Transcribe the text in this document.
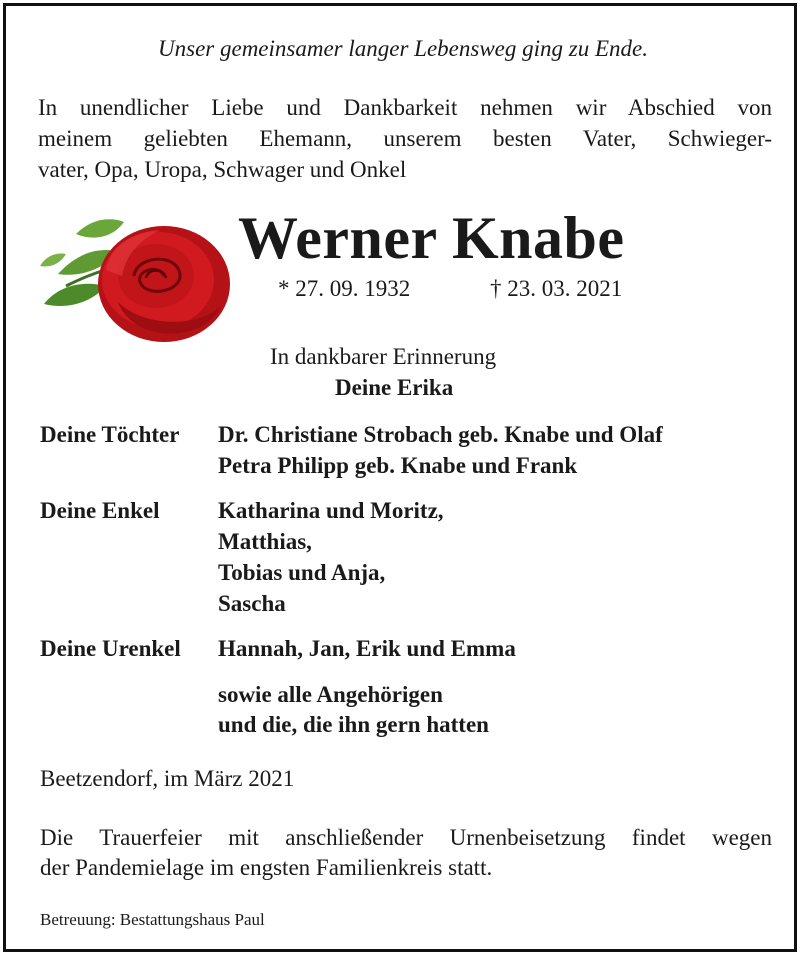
Unser gemeinsamer langer Lebensweg ging zu Ende.
In unendlicher Liebe und Dankbarkeit nehmen wir Abschied von
meinem geliebten Ehemann, unserem besten Vater, Schwieger-
vater, Opa, Uropa, Schwager und Onkel
Werner Knabe
* 27. 09. 1932	† 23. 03. 2021
In dankbarer Erinnerung
Deine Erika
Deine Töchter Dr. Christiane Strobach geb. Knabe und Olaf
Petra Philipp geb. Knabe und Frank
Deine Enkel	Katharina und Moritz,
Matthias,
Tobias und Anja,
Sascha
Deine Urenkel Hannah, Jan, Erik und Emma
sowie alle Angehörigen
und die, die ihn gern hatten
Beetzendorf, im März 2021
Die Trauerfeier mit anschließender Urnenbeisetzung findet wegen
der Pandemielage im engsten Familienkreis statt.
Betreuung: Bestattungshaus Paul
